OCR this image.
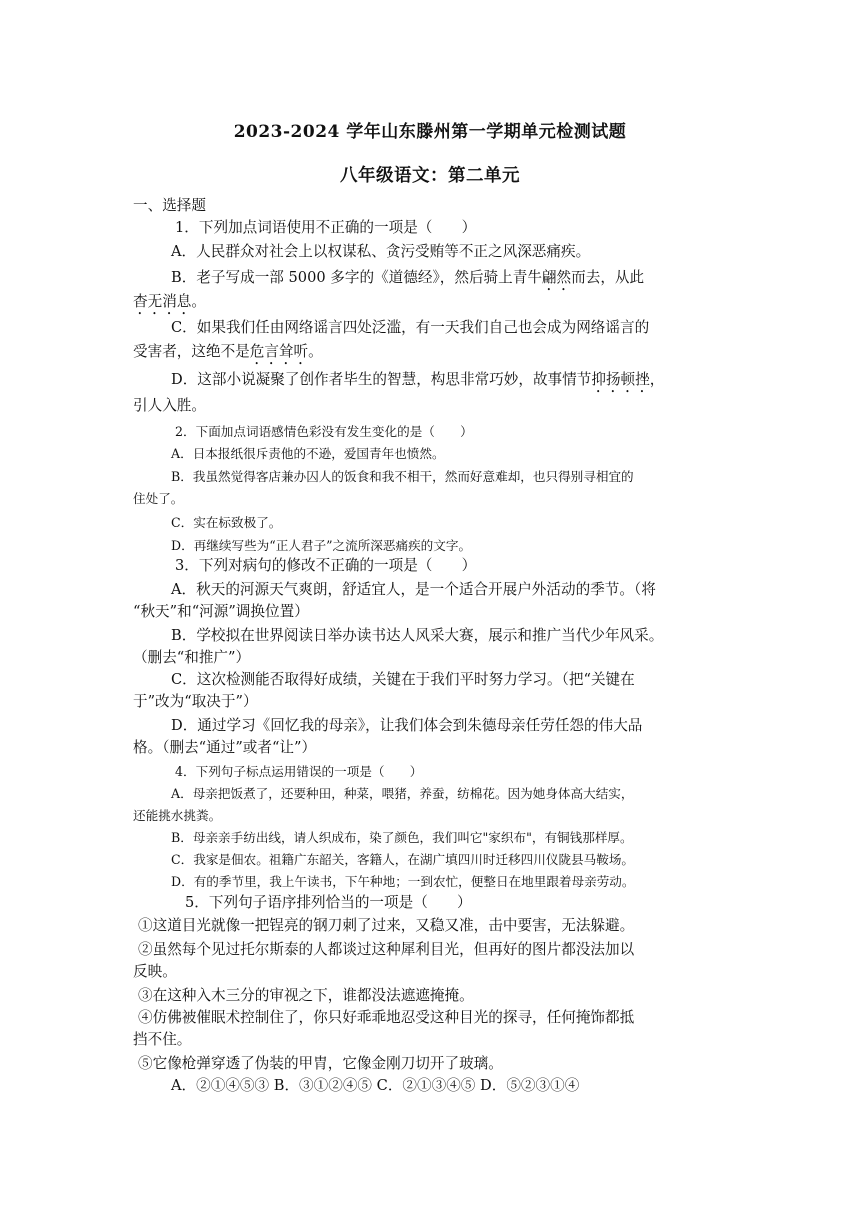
2023-2024 学年山东滕州第一学期单元检测试题
八年级语文：第二单元
一、选择题
1．下列加点词语使用不正确的一项是（　　）
A．人民群众对社会上以权谋私、贪污受贿等不正之风深恶痛疾。
B．老子写成一部 5000 多字的《道德经》，然后骑上青牛翩然而去，从此
杳无消息。
C．如果我们任由网络谣言四处泛滥，有一天我们自己也会成为网络谣言的
受害者，这绝不是危言耸听。
D．这部小说凝聚了创作者毕生的智慧，构思非常巧妙，故事情节抑扬顿挫，
引人入胜。
2．下面加点词语感情色彩没有发生变化的是（　　）
A．日本报纸很斥责他的不逊，爱国青年也愤然。
B．我虽然觉得客店兼办囚人的饭食和我不相干，然而好意难却，也只得别寻相宜的
住处了。
C．实在标致极了。
D．再继续写些为“正人君子”之流所深恶痛疾的文字。
3．下列对病句的修改不正确的一项是（　　）
A．秋天的河源天气爽朗，舒适宜人，是一个适合开展户外活动的季节。（将
“秋天”和“河源”调换位置）
B．学校拟在世界阅读日举办读书达人风采大赛，展示和推广当代少年风采。
（删去“和推广”）
C．这次检测能否取得好成绩，关键在于我们平时努力学习。（把“关键在
于”改为“取决于”）
D．通过学习《回忆我的母亲》，让我们体会到朱德母亲任劳任怨的伟大品
格。（删去“通过”或者“让”）
4．下列句子标点运用错误的一项是（　　）
A．母亲把饭煮了，还要种田，种菜，喂猪，养蚕，纺棉花。因为她身体高大结实，
还能挑水挑粪。
B．母亲亲手纺出线，请人织成布，染了颜色，我们叫它"家织布"，有铜钱那样厚。
C．我家是佃农。祖籍广东韶关，客籍人，在湖广填四川时迁移四川仪陇县马鞍场。
D．有的季节里，我上午读书，下午种地；一到农忙，便整日在地里跟着母亲劳动。
5．下列句子语序排列恰当的一项是（　　）
①这道目光就像一把锃亮的钢刀刺了过来，又稳又准，击中要害，无法躲避。
②虽然每个见过托尔斯泰的人都谈过这种犀利目光，但再好的图片都没法加以
反映。
③在这种入木三分的审视之下，谁都没法遮遮掩掩。
④仿佛被催眠术控制住了，你只好乖乖地忍受这种目光的探寻，任何掩饰都抵
挡不住。
⑤它像枪弹穿透了伪装的甲胄，它像金刚刀切开了玻璃。
A．②①④⑤③ B．③①②④⑤ C．②①③④⑤ D．⑤②③①④
